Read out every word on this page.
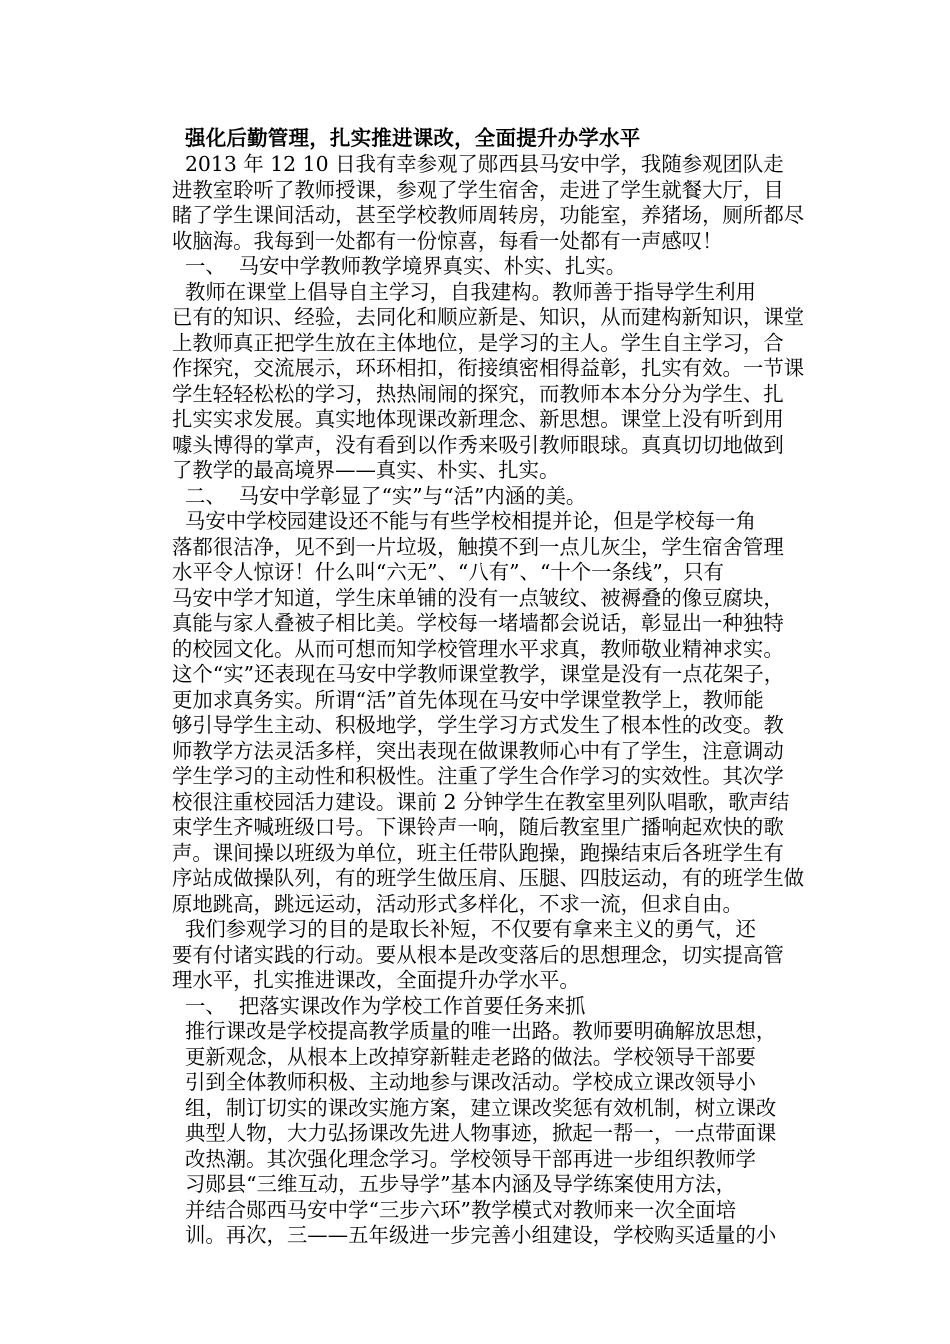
强化后勤管理，扎实推进课改，全面提升办学水平
2013 年 12 10 日我有幸参观了郧西县马安中学，我随参观团队走
进教室聆听了教师授课，参观了学生宿舍，走进了学生就餐大厅，目
睹了学生课间活动，甚至学校教师周转房，功能室，养猪场，厕所都尽
收脑海。我每到一处都有一份惊喜，每看一处都有一声感叹！
一、  马安中学教师教学境界真实、朴实、扎实。
教师在课堂上倡导自主学习，自我建构。教师善于指导学生利用
已有的知识、经验，去同化和顺应新是、知识，从而建构新知识，课堂
上教师真正把学生放在主体地位，是学习的主人。学生自主学习，合
作探究，交流展示，环环相扣，衔接缜密相得益彰，扎实有效。一节课
学生轻轻松松的学习，热热闹闹的探究，而教师本本分分为学生、扎
扎实实求发展。真实地体现课改新理念、新思想。课堂上没有听到用
噱头博得的掌声，没有看到以作秀来吸引教师眼球。真真切切地做到
了教学的最高境界——真实、朴实、扎实。
二、  马安中学彰显了“实”与“活”内涵的美。
马安中学校园建设还不能与有些学校相提并论，但是学校每一角
落都很洁净，见不到一片垃圾，触摸不到一点儿灰尘，学生宿舍管理
水平令人惊讶！什么叫“六无”、“八有”、“十个一条线”，只有
马安中学才知道，学生床单铺的没有一点皱纹、被褥叠的像豆腐块，
真能与家人叠被子相比美。学校每一堵墙都会说话，彰显出一种独特
的校园文化。从而可想而知学校管理水平求真，教师敬业精神求实。
这个“实”还表现在马安中学教师课堂教学，课堂是没有一点花架子，
更加求真务实。所谓“活”首先体现在马安中学课堂教学上，教师能
够引导学生主动、积极地学，学生学习方式发生了根本性的改变。教
师教学方法灵活多样，突出表现在做课教师心中有了学生，注意调动
学生学习的主动性和积极性。注重了学生合作学习的实效性。其次学
校很注重校园活力建设。课前 2 分钟学生在教室里列队唱歌，歌声结
束学生齐喊班级口号。下课铃声一响，随后教室里广播响起欢快的歌
声。课间操以班级为单位，班主任带队跑操，跑操结束后各班学生有
序站成做操队列，有的班学生做压肩、压腿、四肢运动，有的班学生做
原地跳高，跳远运动，活动形式多样化，不求一流，但求自由。
我们参观学习的目的是取长补短，不仅要有拿来主义的勇气，还
要有付诸实践的行动。要从根本是改变落后的思想理念，切实提高管
理水平，扎实推进课改，全面提升办学水平。
一、  把落实课改作为学校工作首要任务来抓
推行课改是学校提高教学质量的唯一出路。教师要明确解放思想，
更新观念，从根本上改掉穿新鞋走老路的做法。学校领导干部要
引到全体教师积极、主动地参与课改活动。学校成立课改领导小
组，制订切实的课改实施方案，建立课改奖惩有效机制，树立课改
典型人物，大力弘扬课改先进人物事迹，掀起一帮一，一点带面课
改热潮。其次强化理念学习。学校领导干部再进一步组织教师学
习郧县“三维互动，五步导学”基本内涵及导学练案使用方法，
并结合郧西马安中学“三步六环”教学模式对教师来一次全面培
训。再次，三——五年级进一步完善小组建设，学校购买适量的小
